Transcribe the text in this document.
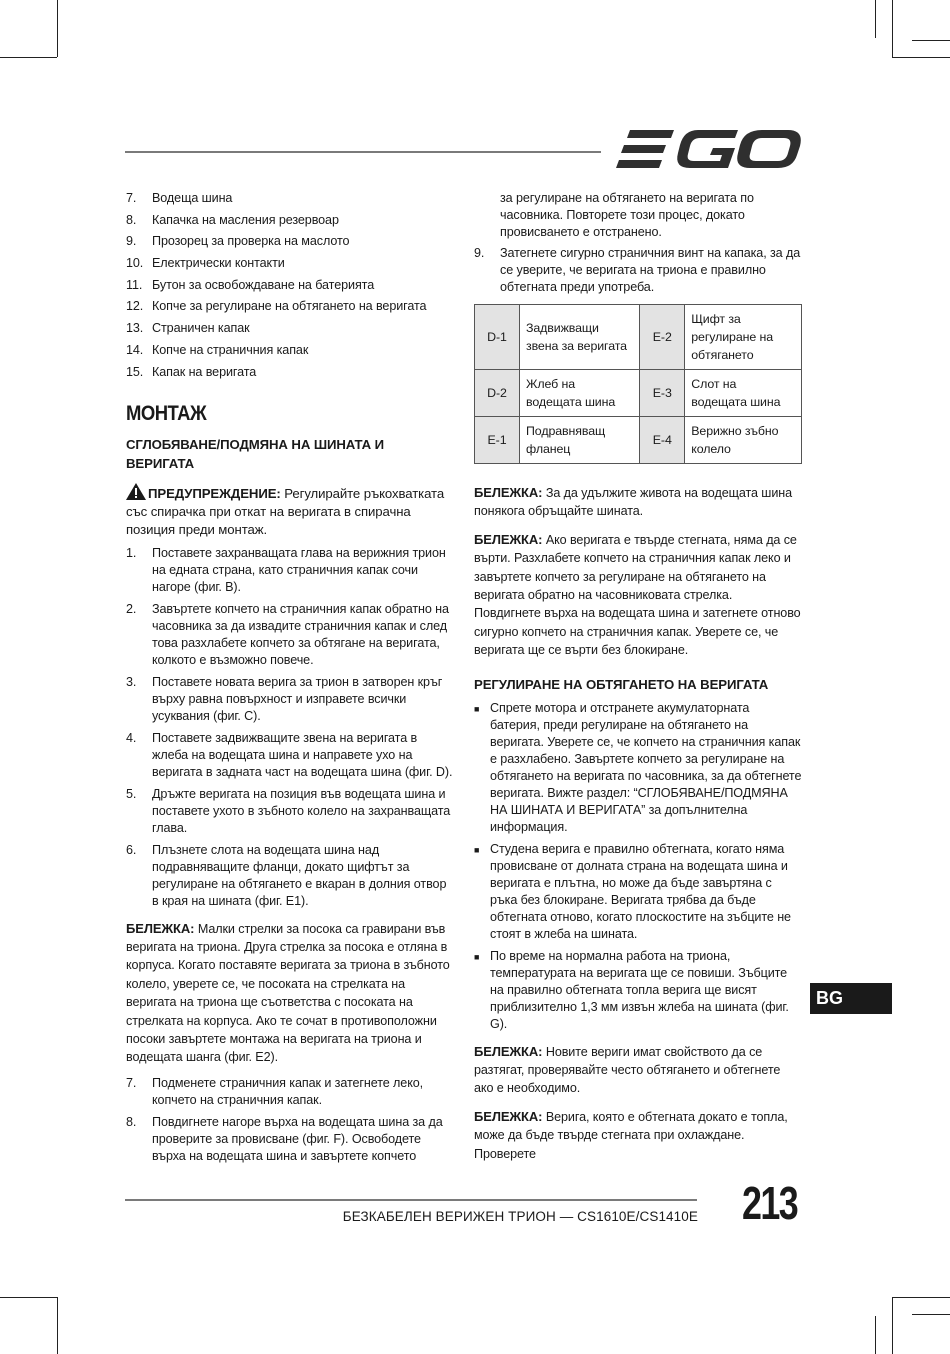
7.	Водеща шина
8.	Капачка на масления резервоар
9.	Прозорец за проверка на маслото
10. Електрически контакти
11. Бутон за освобождаване на батерията
12. Копче за регулиране на обтягането на веригата
13. Страничен капак
14. Копче на страничния капак
15. Капак на веригата
МОНТАЖ
СГЛОБЯВАНЕ/ПОДМЯНА НА ШИНАТА И ВЕРИГАТА
ПРЕДУПРЕЖДЕНИЕ: Регулирайте ръкохватката със спирачка при откат на веригата в спирачна позиция преди монтаж.
1.	Поставете захранващата глава на верижния трион на едната страна, като страничния капак сочи нагоре (фиг. В).
2.	Завъртете копчето на страничния капак обратно на часовника за да извадите страничния капак и след това разхлабете копчето за обтягане на веригата, колкото е възможно повече.
3.	Поставете новата верига за трион в затворен кръг върху равна повърхност и изправете всички усуквания (фиг. С).
4.	Поставете задвижващите звена на веригата в жлеба на водещата шина и направете ухо на веригата в задната част на водещата шина (фиг. D).
5.	Дръжте веригата на позиция във водещата шина и поставете ухото в зъбното колело на захранващата глава.
6.	Плъзнете слота на водещата шина над подравняващите фланци, докато щифтът за регулиране на обтягането е вкаран в долния отвор в края на шината (фиг. E1).
БЕЛЕЖКА: Малки стрелки за посока са гравирани във веригата на триона. Друга стрелка за посока е отляна в корпуса. Когато поставяте веригата за триона в зъбното колело, уверете се, че посоката на стрелката на веригата на триона ще съответства с посоката на стрелката на корпуса. Ако те сочат в противоположни посоки завъртете монтажа на веригата на триона и водещата шанга (фиг. E2).
7.	Подменете страничния капак и затегнете леко, копчето на страничния капак.
8.	Повдигнете нагоре върха на водещата шина за да проверите за провисване (фиг. F). Освободете върха на водещата шина и завъртете копчето
за регулиране на обтягането на веригата по часовника. Повторете този процес, докато провисването е отстранено.
9.	Затегнете сигурно страничния винт на капака, за да се уверите, че веригата на триона е правилно обтегната преди употреба.
D-1	Задвижващи звена за веригата	E-2	Щифт за регулиране на обтягането
D-2	Жлеб на водещата шина	E-3	Слот на водещата шина
E-1	Подравняващ фланец	E-4	Верижно зъбно колело
БЕЛЕЖКА: За да удължите живота на водещата шина понякога обръщайте шината.
БЕЛЕЖКА: Ако веригата е твърде стегната, няма да се върти. Разхлабете копчето на страничния капак леко и завъртете копчето за регулиране на обтягането на веригата обратно на часовниковата стрелка. Повдигнете върха на водещата шина и затегнете отново сигурно копчето на страничния капак. Уверете се, че веригата ще се върти без блокиране.
РЕГУЛИРАНЕ НА ОБТЯГАНЕТО НА ВЕРИГАТА
■ Спрете мотора и отстранете акумулаторната батерия, преди регулиране на обтягането на веригата. Уверете се, че копчето на страничния капак е разхлабено. Завъртете копчето за регулиране на обтягането на веригата по часовника, за да обтегнете веригата. Вижте раздел: “СГЛОБЯВАНЕ/ПОДМЯНА НА ШИНАТА И ВЕРИГАТА” за допълнителна информация.
■ Студена верига е правилно обтегната, когато няма провисване от долната страна на водещата шина и веригата е плътна, но може да бъде завъртяна с ръка без блокиране. Веригата трябва да бъде обтегната отново, когато плоскостите на зъбците не стоят в жлеба на шината.
■ По време на нормална работа на триона, температурата на веригата ще се повиши. Зъбците на правилно обтегната топла верига ще висят приблизително 1,3 мм извън жлеба на шината (фиг. G).
БЕЛЕЖКА: Новите вериги имат свойството да се разтягат, проверявайте често обтягането и обтегнете ако е необходимо.
БЕЛЕЖКА: Верига, която е обтегната докато е топла, може да бъде твърде стегната при охлаждане. Проверете
BG
БЕЗКАБЕЛЕН ВЕРИЖЕН ТРИОН — CS1610E/CS1410E 213
